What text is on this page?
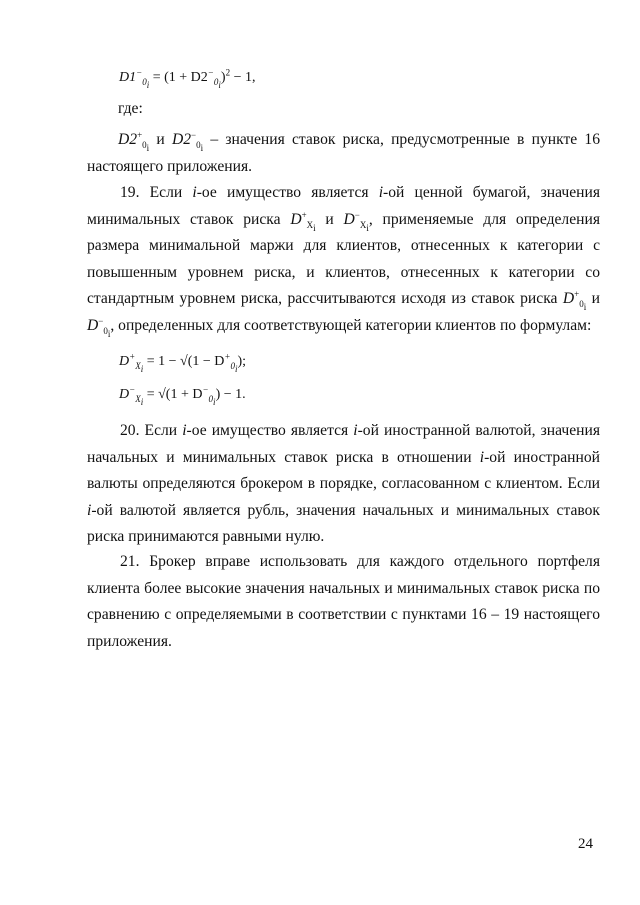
$D1^-_{0_i} = (1 + D2^-_{0_i})^2 - 1$,
где:
$D2^+_{0_i}$ и $D2^-_{0_i}$ – значения ставок риска, предусмотренные в пункте 16 настоящего приложения.
19. Если i-ое имущество является i-ой ценной бумагой, значения минимальных ставок риска $D^+_{X_i}$ и $D^-_{X_i}$, применяемые для определения размера минимальной маржи для клиентов, отнесенных к категории с повышенным уровнем риска, и клиентов, отнесенных к категории со стандартным уровнем риска, рассчитываются исходя из ставок риска $D^+_{0_i}$ и $D^-_{0_i}$, определенных для соответствующей категории клиентов по формулам:
$D^+_{X_i} = 1 - √(1 - D^+_{0_i})$;
$D^-_{X_i} = √(1 + D^-_{0_i}) - 1$.
20. Если i-ое имущество является i-ой иностранной валютой, значения начальных и минимальных ставок риска в отношении i-ой иностранной валюты определяются брокером в порядке, согласованном с клиентом. Если i-ой валютой является рубль, значения начальных и минимальных ставок риска принимаются равными нулю.
21. Брокер вправе использовать для каждого отдельного портфеля клиента более высокие значения начальных и минимальных ставок риска по сравнению с определяемыми в соответствии с пунктами 16 – 19 настоящего приложения.
24
